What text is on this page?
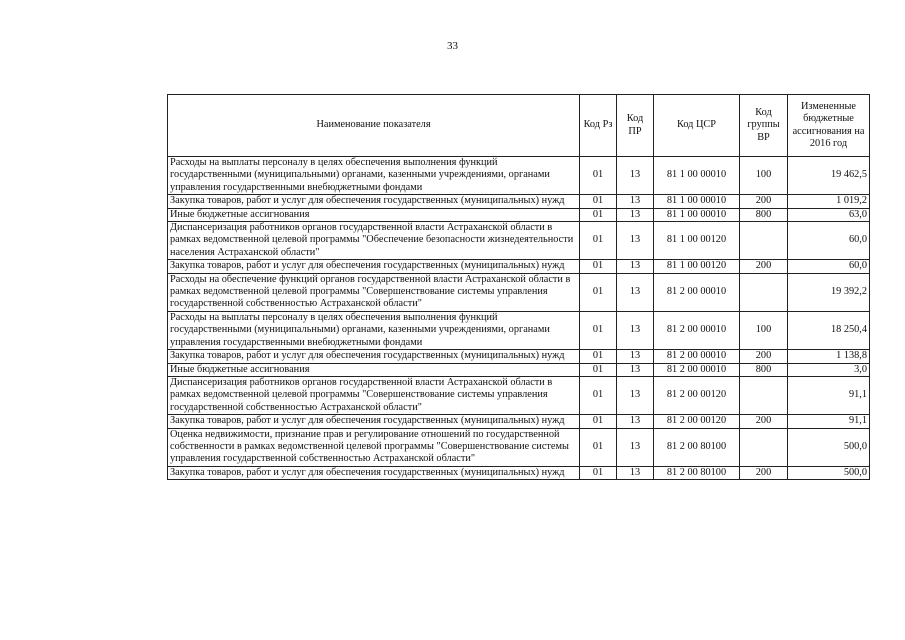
33
Наименование показателя	Код Рз	Код ПР	Код ЦСР	Код группы ВР	Измененные бюджетные ассигнования на 2016 год
Расходы на выплаты персоналу в целях обеспечения выполнения функций государственными (муниципальными) органами, казенными учреждениями, органами управления государственными внебюджетными фондами	01	13	81 1 00 00010	100	19 462,5
Закупка товаров, работ и услуг для обеспечения государственных (муниципальных) нужд	01	13	81 1 00 00010	200	1 019,2
Иные бюджетные ассигнования	01	13	81 1 00 00010	800	63,0
Диспансеризация работников органов государственной власти Астраханской области в рамках ведомственной целевой программы "Обеспечение безопасности жизнедеятельности населения Астраханской области"	01	13	81 1 00 00120		60,0
Закупка товаров, работ и услуг для обеспечения государственных (муниципальных) нужд	01	13	81 1 00 00120	200	60,0
Расходы на обеспечение функций органов государственной власти Астраханской области в рамках ведомственной целевой программы "Совершенствование системы управления государственной собственностью Астраханской области"	01	13	81 2 00 00010		19 392,2
Расходы на выплаты персоналу в целях обеспечения выполнения функций государственными (муниципальными) органами, казенными учреждениями, органами управления государственными внебюджетными фондами	01	13	81 2 00 00010	100	18 250,4
Закупка товаров, работ и услуг для обеспечения государственных (муниципальных) нужд	01	13	81 2 00 00010	200	1 138,8
Иные бюджетные ассигнования	01	13	81 2 00 00010	800	3,0
Диспансеризация работников органов государственной власти Астраханской области в рамках ведомственной целевой программы "Совершенствование системы управления государственной собственностью Астраханской области"	01	13	81 2 00 00120		91,1
Закупка товаров, работ и услуг для обеспечения государственных (муниципальных) нужд	01	13	81 2 00 00120	200	91,1
Оценка недвижимости, признание прав и регулирование отношений по государственной собственности в рамках ведомственной целевой программы "Совершенствование системы управления государственной собственностью Астраханской области"	01	13	81 2 00 80100		500,0
Закупка товаров, работ и услуг для обеспечения государственных (муниципальных) нужд	01	13	81 2 00 80100	200	500,0
